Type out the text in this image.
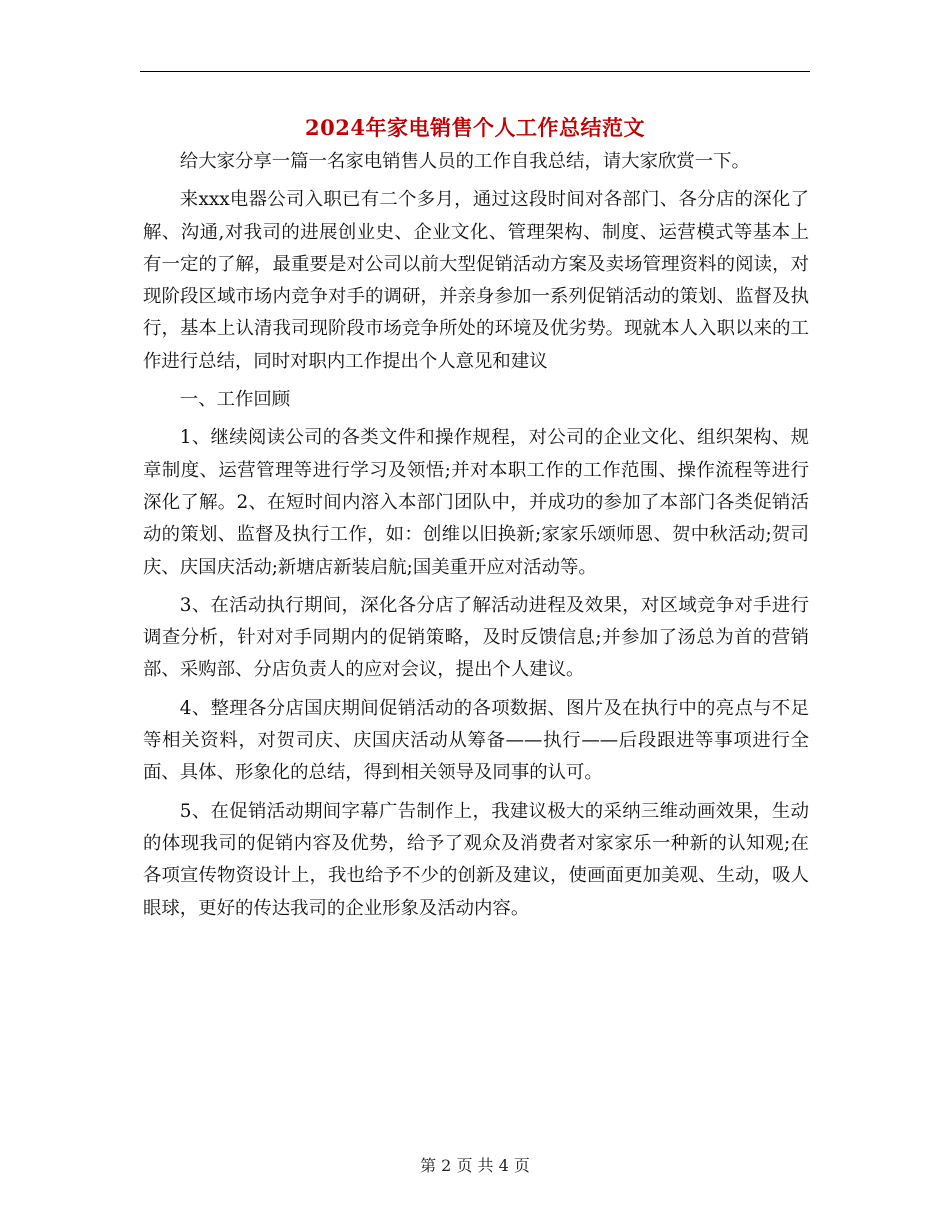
2024年家电销售个人工作总结范文

给大家分享一篇一名家电销售人员的工作自我总结，请大家欣赏一下。

来xxx电器公司入职已有二个多月，通过这段时间对各部门、各分店的深化了解、沟通,对我司的进展创业史、企业文化、管理架构、制度、运营模式等基本上有一定的了解，最重要是对公司以前大型促销活动方案及卖场管理资料的阅读，对现阶段区域市场内竞争对手的调研，并亲身参加一系列促销活动的策划、监督及执行，基本上认清我司现阶段市场竞争所处的环境及优劣势。现就本人入职以来的工作进行总结，同时对职内工作提出个人意见和建议

一、工作回顾

1、继续阅读公司的各类文件和操作规程，对公司的企业文化、组织架构、规章制度、运营管理等进行学习及领悟;并对本职工作的工作范围、操作流程等进行深化了解。2、在短时间内溶入本部门团队中，并成功的参加了本部门各类促销活动的策划、监督及执行工作，如：创维以旧换新;家家乐颂师恩、贺中秋活动;贺司庆、庆国庆活动;新塘店新装启航;国美重开应对活动等。

3、在活动执行期间，深化各分店了解活动进程及效果，对区域竞争对手进行调查分析，针对对手同期内的促销策略，及时反馈信息;并参加了汤总为首的营销部、采购部、分店负责人的应对会议，提出个人建议。

4、整理各分店国庆期间促销活动的各项数据、图片及在执行中的亮点与不足等相关资料，对贺司庆、庆国庆活动从筹备——执行——后段跟进等事项进行全面、具体、形象化的总结，得到相关领导及同事的认可。

5、在促销活动期间字幕广告制作上，我建议极大的采纳三维动画效果，生动的体现我司的促销内容及优势，给予了观众及消费者对家家乐一种新的认知观;在各项宣传物资设计上，我也给予不少的创新及建议，使画面更加美观、生动，吸人眼球，更好的传达我司的企业形象及活动内容。

第 2 页 共 4 页
